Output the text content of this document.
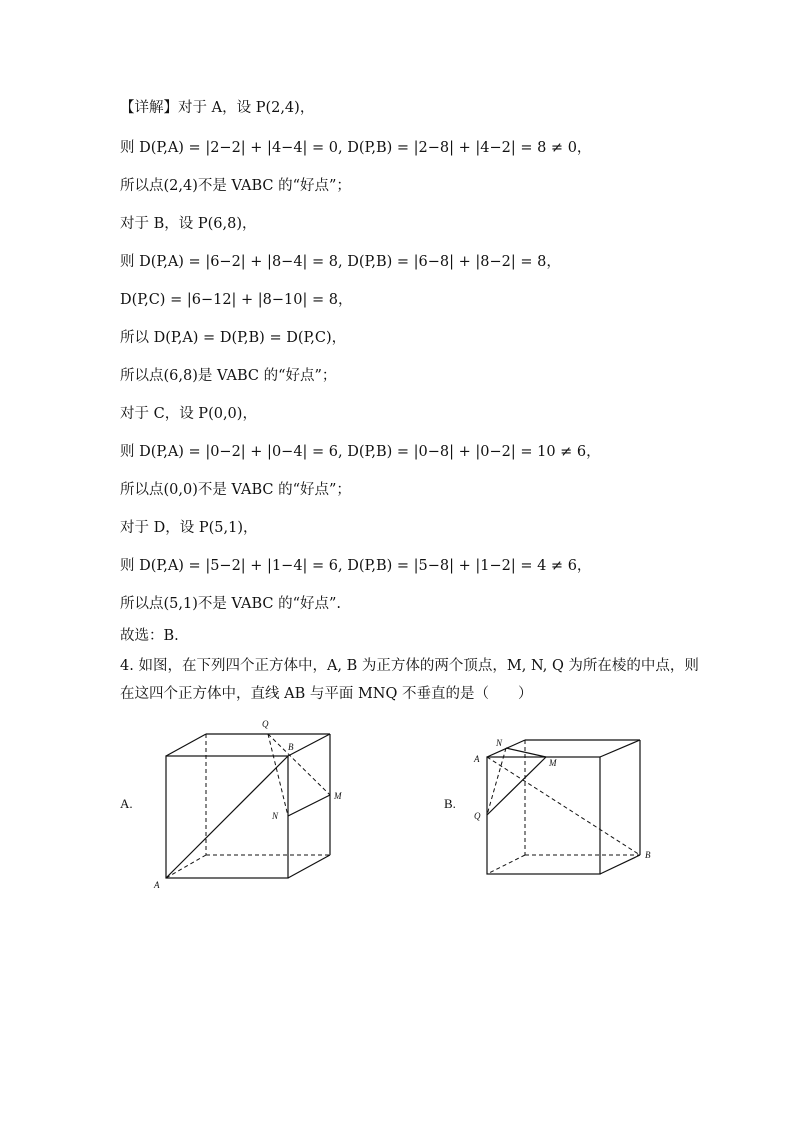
【详解】对于 A，设 P(2,4)，
则 D(P,A) = |2−2| + |4−4| = 0, D(P,B) = |2−8| + |4−2| = 8 ≠ 0，
所以点(2,4)不是 VABC 的“好点”；
对于 B，设 P(6,8)，
则 D(P,A) = |6−2| + |8−4| = 8, D(P,B) = |6−8| + |8−2| = 8，
D(P,C) = |6−12| + |8−10| = 8，
所以 D(P,A) = D(P,B) = D(P,C)，
所以点(6,8)是 VABC 的“好点”；
对于 C，设 P(0,0)，
则 D(P,A) = |0−2| + |0−4| = 6, D(P,B) = |0−8| + |0−2| = 10 ≠ 6，
所以点(0,0)不是 VABC 的“好点”；
对于 D，设 P(5,1)，
则 D(P,A) = |5−2| + |1−4| = 6, D(P,B) = |5−8| + |1−2| = 4 ≠ 6，
所以点(5,1)不是 VABC 的“好点”.
故选：B.
4. 如图，在下列四个正方体中，A, B 为正方体的两个顶点，M, N, Q 为所在棱的中点，则
在这四个正方体中，直线 AB 与平面 MNQ 不垂直的是（　　）
A.
Q
B
M
N
A
B.
N
A	M
Q
B
